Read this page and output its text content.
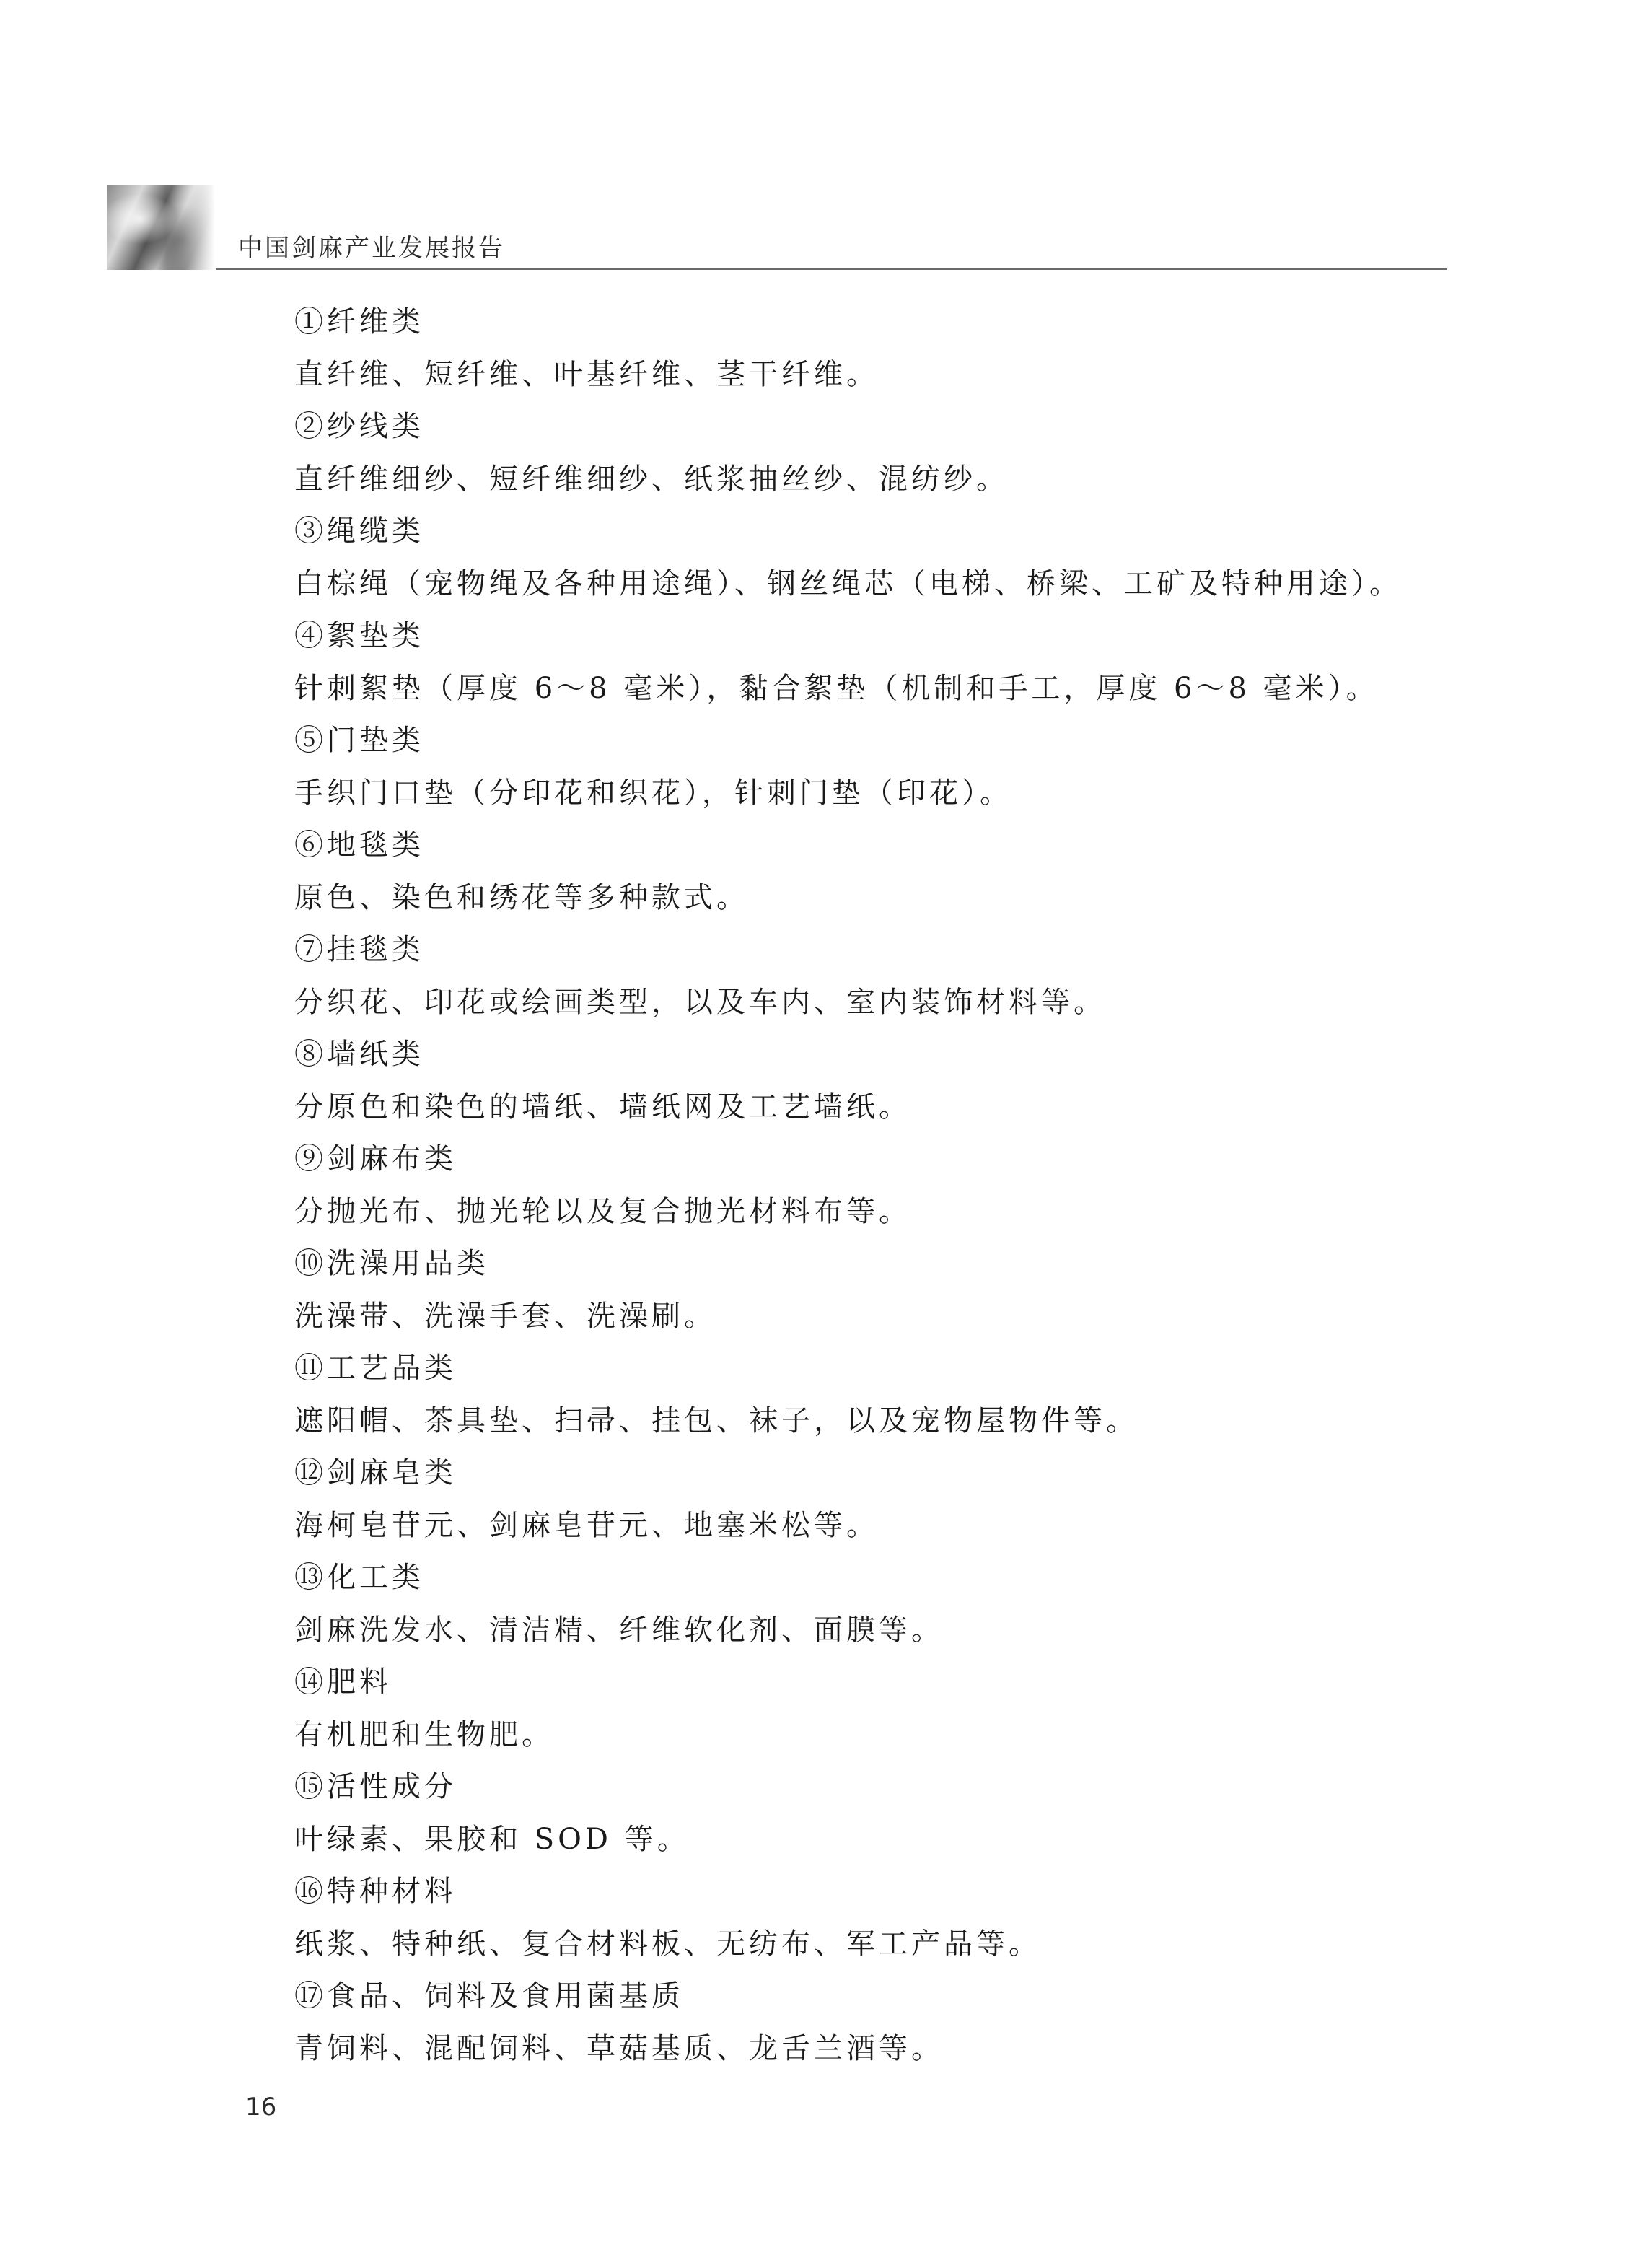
中国剑麻产业发展报告
①纤维类
直纤维、短纤维、叶基纤维、茎干纤维。
②纱线类
直纤维细纱、短纤维细纱、纸浆抽丝纱、混纺纱。
③绳缆类
白棕绳（宠物绳及各种用途绳）、钢丝绳芯（电梯、桥梁、工矿及特种用途）。
④絮垫类
针刺絮垫（厚度 6～8 毫米），黏合絮垫（机制和手工，厚度 6～8 毫米）。
⑤门垫类
手织门口垫（分印花和织花），针刺门垫（印花）。
⑥地毯类
原色、染色和绣花等多种款式。
⑦挂毯类
分织花、印花或绘画类型，以及车内、室内装饰材料等。
⑧墙纸类
分原色和染色的墙纸、墙纸网及工艺墙纸。
⑨剑麻布类
分抛光布、抛光轮以及复合抛光材料布等。
⑩洗澡用品类
洗澡带、洗澡手套、洗澡刷。
⑪工艺品类
遮阳帽、茶具垫、扫帚、挂包、袜子，以及宠物屋物件等。
⑫剑麻皂类
海柯皂苷元、剑麻皂苷元、地塞米松等。
⑬化工类
剑麻洗发水、清洁精、纤维软化剂、面膜等。
⑭肥料
有机肥和生物肥。
⑮活性成分
叶绿素、果胶和 SOD 等。
⑯特种材料
纸浆、特种纸、复合材料板、无纺布、军工产品等。
⑰食品、饲料及食用菌基质
青饲料、混配饲料、草菇基质、龙舌兰酒等。
16
